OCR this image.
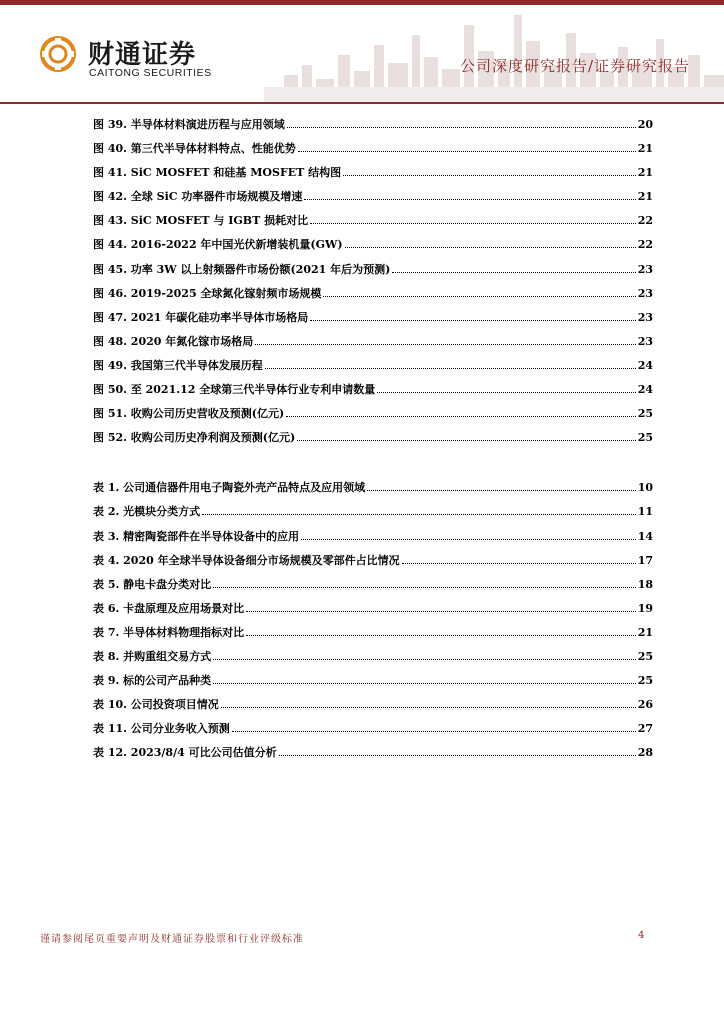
财通证券
CAITONG SECURITIES	公司深度研究报告/证券研究报告
图 39. 半导体材料演进历程与应用领域	20
图 40. 第三代半导体材料特点、性能优势	21
图 41. SiC MOSFET 和硅基 MOSFET 结构图	21
图 42. 全球 SiC 功率器件市场规模及增速	21
图 43. SiC MOSFET 与 IGBT 损耗对比	22
图 44. 2016-2022 年中国光伏新增装机量(GW)	22
图 45. 功率 3W 以上射频器件市场份额(2021 年后为预测)	23
图 46. 2019-2025 全球氮化镓射频市场规模	23
图 47. 2021 年碳化硅功率半导体市场格局	23
图 48. 2020 年氮化镓市场格局	23
图 49. 我国第三代半导体发展历程	24
图 50. 至 2021.12 全球第三代半导体行业专利申请数量	24
图 51. 收购公司历史营收及预测(亿元)	25
图 52. 收购公司历史净利润及预测(亿元)	25
表 1. 公司通信器件用电子陶瓷外壳产品特点及应用领域	10
表 2. 光模块分类方式	11
表 3. 精密陶瓷部件在半导体设备中的应用	14
表 4. 2020 年全球半导体设备细分市场规模及零部件占比情况	17
表 5. 静电卡盘分类对比	18
表 6. 卡盘原理及应用场景对比	19
表 7. 半导体材料物理指标对比	21
表 8. 并购重组交易方式	25
表 9. 标的公司产品种类	25
表 10. 公司投资项目情况	26
表 11. 公司分业务收入预测	27
表 12. 2023/8/4 可比公司估值分析	28
谨请参阅尾页重要声明及财通证券股票和行业评级标准	4
